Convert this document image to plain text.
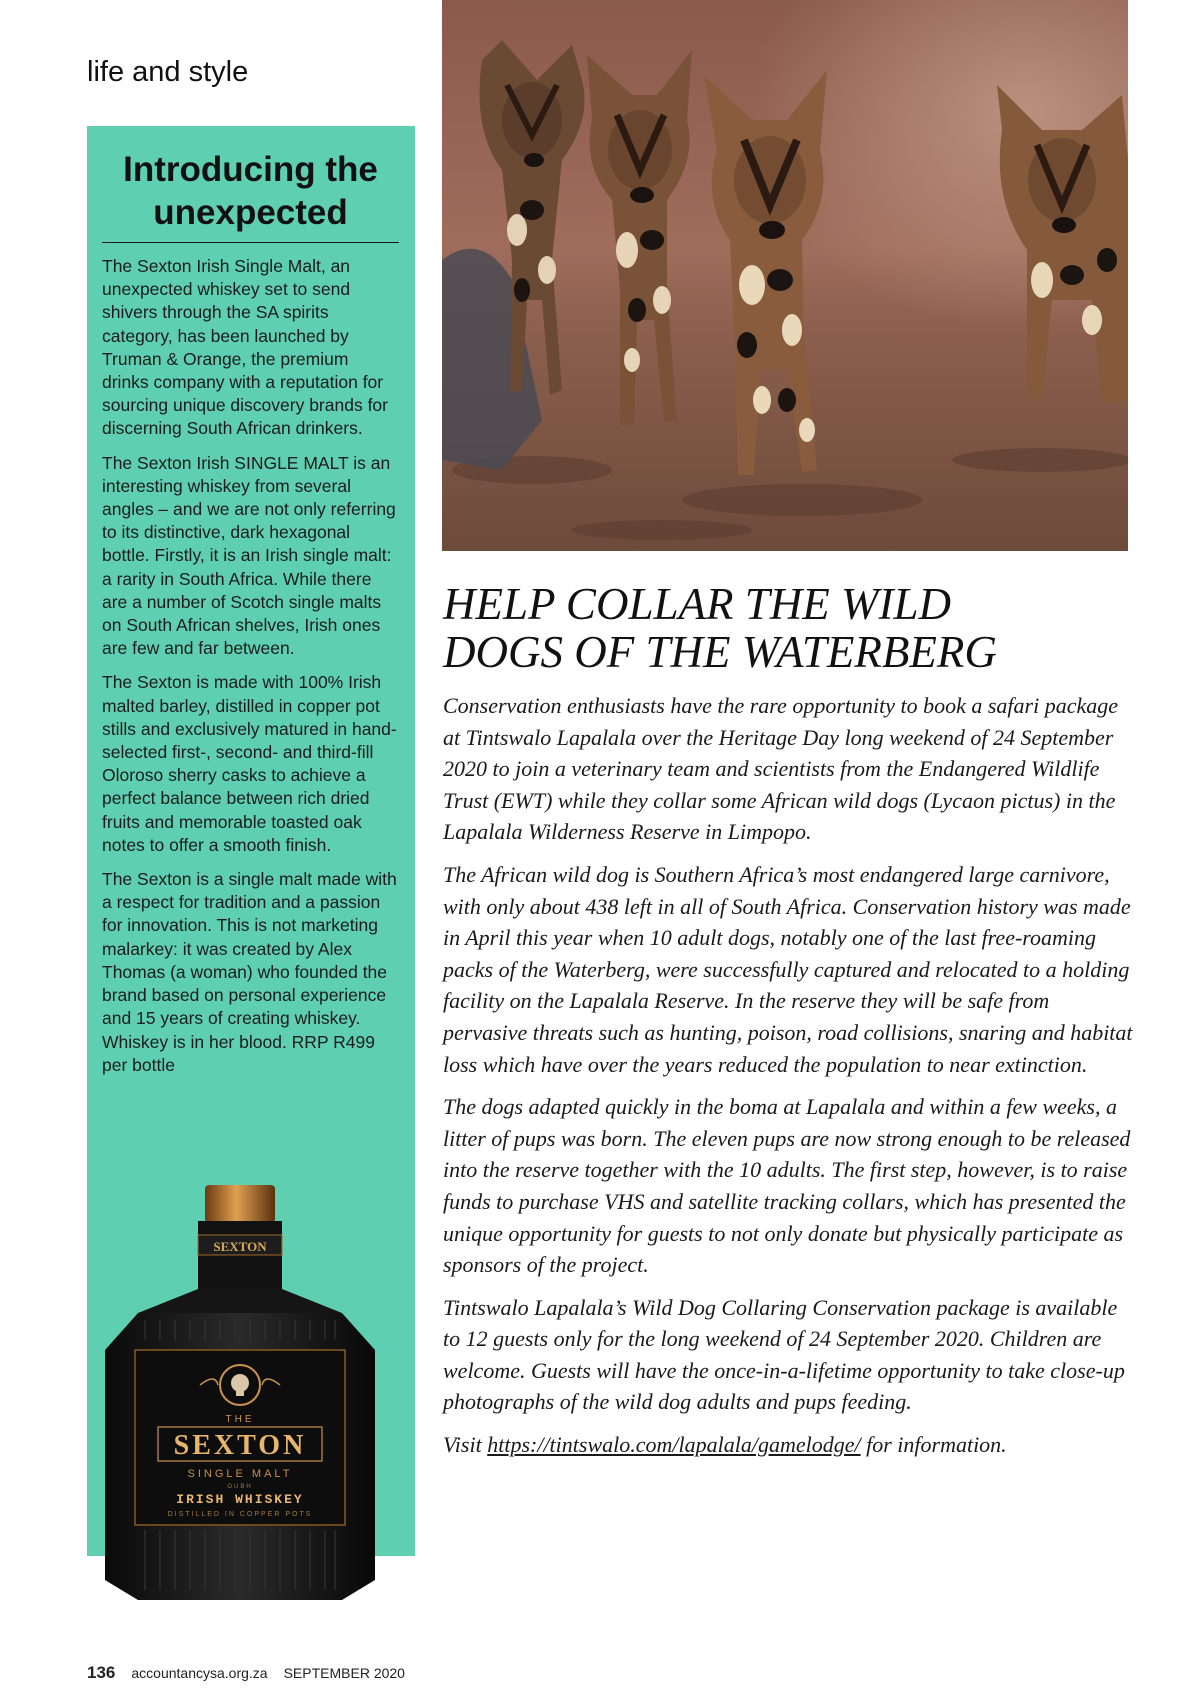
life and style
Introducing the
unexpected

The Sexton Irish Single Malt, an unexpected whiskey set to send shivers through the SA spirits category, has been launched by Truman & Orange, the premium drinks company with a reputation for sourcing unique discovery brands for discerning South African drinkers.

The Sexton Irish SINGLE MALT is an interesting whiskey from several angles – and we are not only referring to its distinctive, dark hexagonal bottle. Firstly, it is an Irish single malt: a rarity in South Africa. While there are a number of Scotch single malts on South African shelves, Irish ones are few and far between.

The Sexton is made with 100% Irish malted barley, distilled in copper pot stills and exclusively matured in hand-selected first-, second- and third-fill Oloroso sherry casks to achieve a perfect balance between rich dried fruits and memorable toasted oak notes to offer a smooth finish.

The Sexton is a single malt made with a respect for tradition and a passion for innovation. This is not marketing malarkey: it was created by Alex Thomas (a woman) who founded the brand based on personal experience and 15 years of creating whiskey. Whiskey is in her blood. RRP R499 per bottle

SEXTON
THE
SEXTON
SINGLE MALT
OUBH
IRISH WHISKEY
DISTILLED IN COPPER POTS
HELP COLLAR THE WILD
DOGS OF THE WATERBERG

Conservation enthusiasts have the rare opportunity to book a safari package at Tintswalo Lapalala over the Heritage Day long weekend of 24 September 2020 to join a veterinary team and scientists from the Endangered Wildlife Trust (EWT) while they collar some African wild dogs (Lycaon pictus) in the Lapalala Wilderness Reserve in Limpopo.

The African wild dog is Southern Africa’s most endangered large carnivore, with only about 438 left in all of South Africa. Conservation history was made in April this year when 10 adult dogs, notably one of the last free-roaming packs of the Waterberg, were successfully captured and relocated to a holding facility on the Lapalala Reserve. In the reserve they will be safe from pervasive threats such as hunting, poison, road collisions, snaring and habitat loss which have over the years reduced the population to near extinction.

The dogs adapted quickly in the boma at Lapalala and within a few weeks, a litter of pups was born. The eleven pups are now strong enough to be released into the reserve together with the 10 adults. The first step, however, is to raise funds to purchase VHS and satellite tracking collars, which has presented the unique opportunity for guests to not only donate but physically participate as sponsors of the project.

Tintswalo Lapalala’s Wild Dog Collaring Conservation package is available to 12 guests only for the long weekend of 24 September 2020. Children are welcome. Guests will have the once-in-a-lifetime opportunity to take close-up photographs of the wild dog adults and pups feeding.

Visit https://tintswalo.com/lapalala/gamelodge/ for information.

136 accountancysa.org.za SEPTEMBER 2020
